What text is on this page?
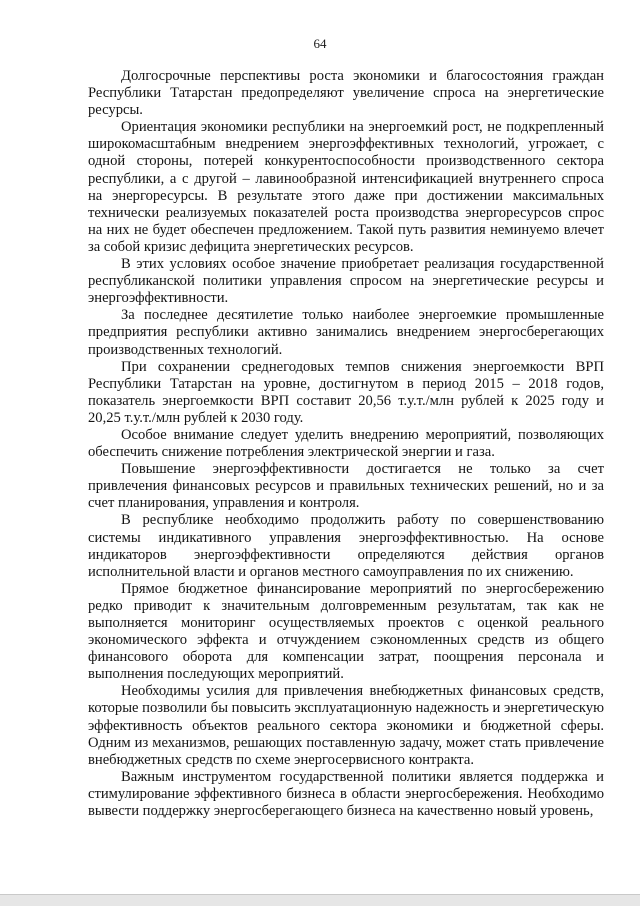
64

Долгосрочные перспективы роста экономики и благосостояния граждан Республики Татарстан предопределяют увеличение спроса на энергетические ресурсы.

Ориентация экономики республики на энергоемкий рост, не подкрепленный широкомасштабным внедрением энергоэффективных технологий, угрожает, с одной стороны, потерей конкурентоспособности производственного сектора республики, а с другой – лавинообразной интенсификацией внутреннего спроса на энергоресурсы. В результате этого даже при достижении максимальных технически реализуемых показателей роста производства энергоресурсов спрос на них не будет обеспечен предложением. Такой путь развития неминуемо влечет за собой кризис дефицита энергетических ресурсов.

В этих условиях особое значение приобретает реализация государственной республиканской политики управления спросом на энергетические ресурсы и энергоэффективности.

За последнее десятилетие только наиболее энергоемкие промышленные предприятия республики активно занимались внедрением энергосберегающих производственных технологий.

При сохранении среднегодовых темпов снижения энергоемкости ВРП Республики Татарстан на уровне, достигнутом в период 2015 – 2018 годов, показатель энергоемкости ВРП составит 20,56 т.у.т./млн рублей к 2025 году и 20,25 т.у.т./млн рублей к 2030 году.

Особое внимание следует уделить внедрению мероприятий, позволяющих обеспечить снижение потребления электрической энергии и газа.

Повышение энергоэффективности достигается не только за счет привлечения финансовых ресурсов и правильных технических решений, но и за счет планирования, управления и контроля.

В республике необходимо продолжить работу по совершенствованию системы индикативного управления энергоэффективностью. На основе индикаторов энергоэффективности определяются действия органов исполнительной власти и органов местного самоуправления по их снижению.

Прямое бюджетное финансирование мероприятий по энергосбережению редко приводит к значительным долговременным результатам, так как не выполняется мониторинг осуществляемых проектов с оценкой реального экономического эффекта и отчуждением сэкономленных средств из общего финансового оборота для компенсации затрат, поощрения персонала и выполнения последующих мероприятий.

Необходимы усилия для привлечения внебюджетных финансовых средств, которые позволили бы повысить эксплуатационную надежность и энергетическую эффективность объектов реального сектора экономики и бюджетной сферы. Одним из механизмов, решающих поставленную задачу, может стать привлечение внебюджетных средств по схеме энергосервисного контракта.

Важным инструментом государственной политики является поддержка и стимулирование эффективного бизнеса в области энергосбережения. Необходимо вывести поддержку энергосберегающего бизнеса на качественно новый уровень,
